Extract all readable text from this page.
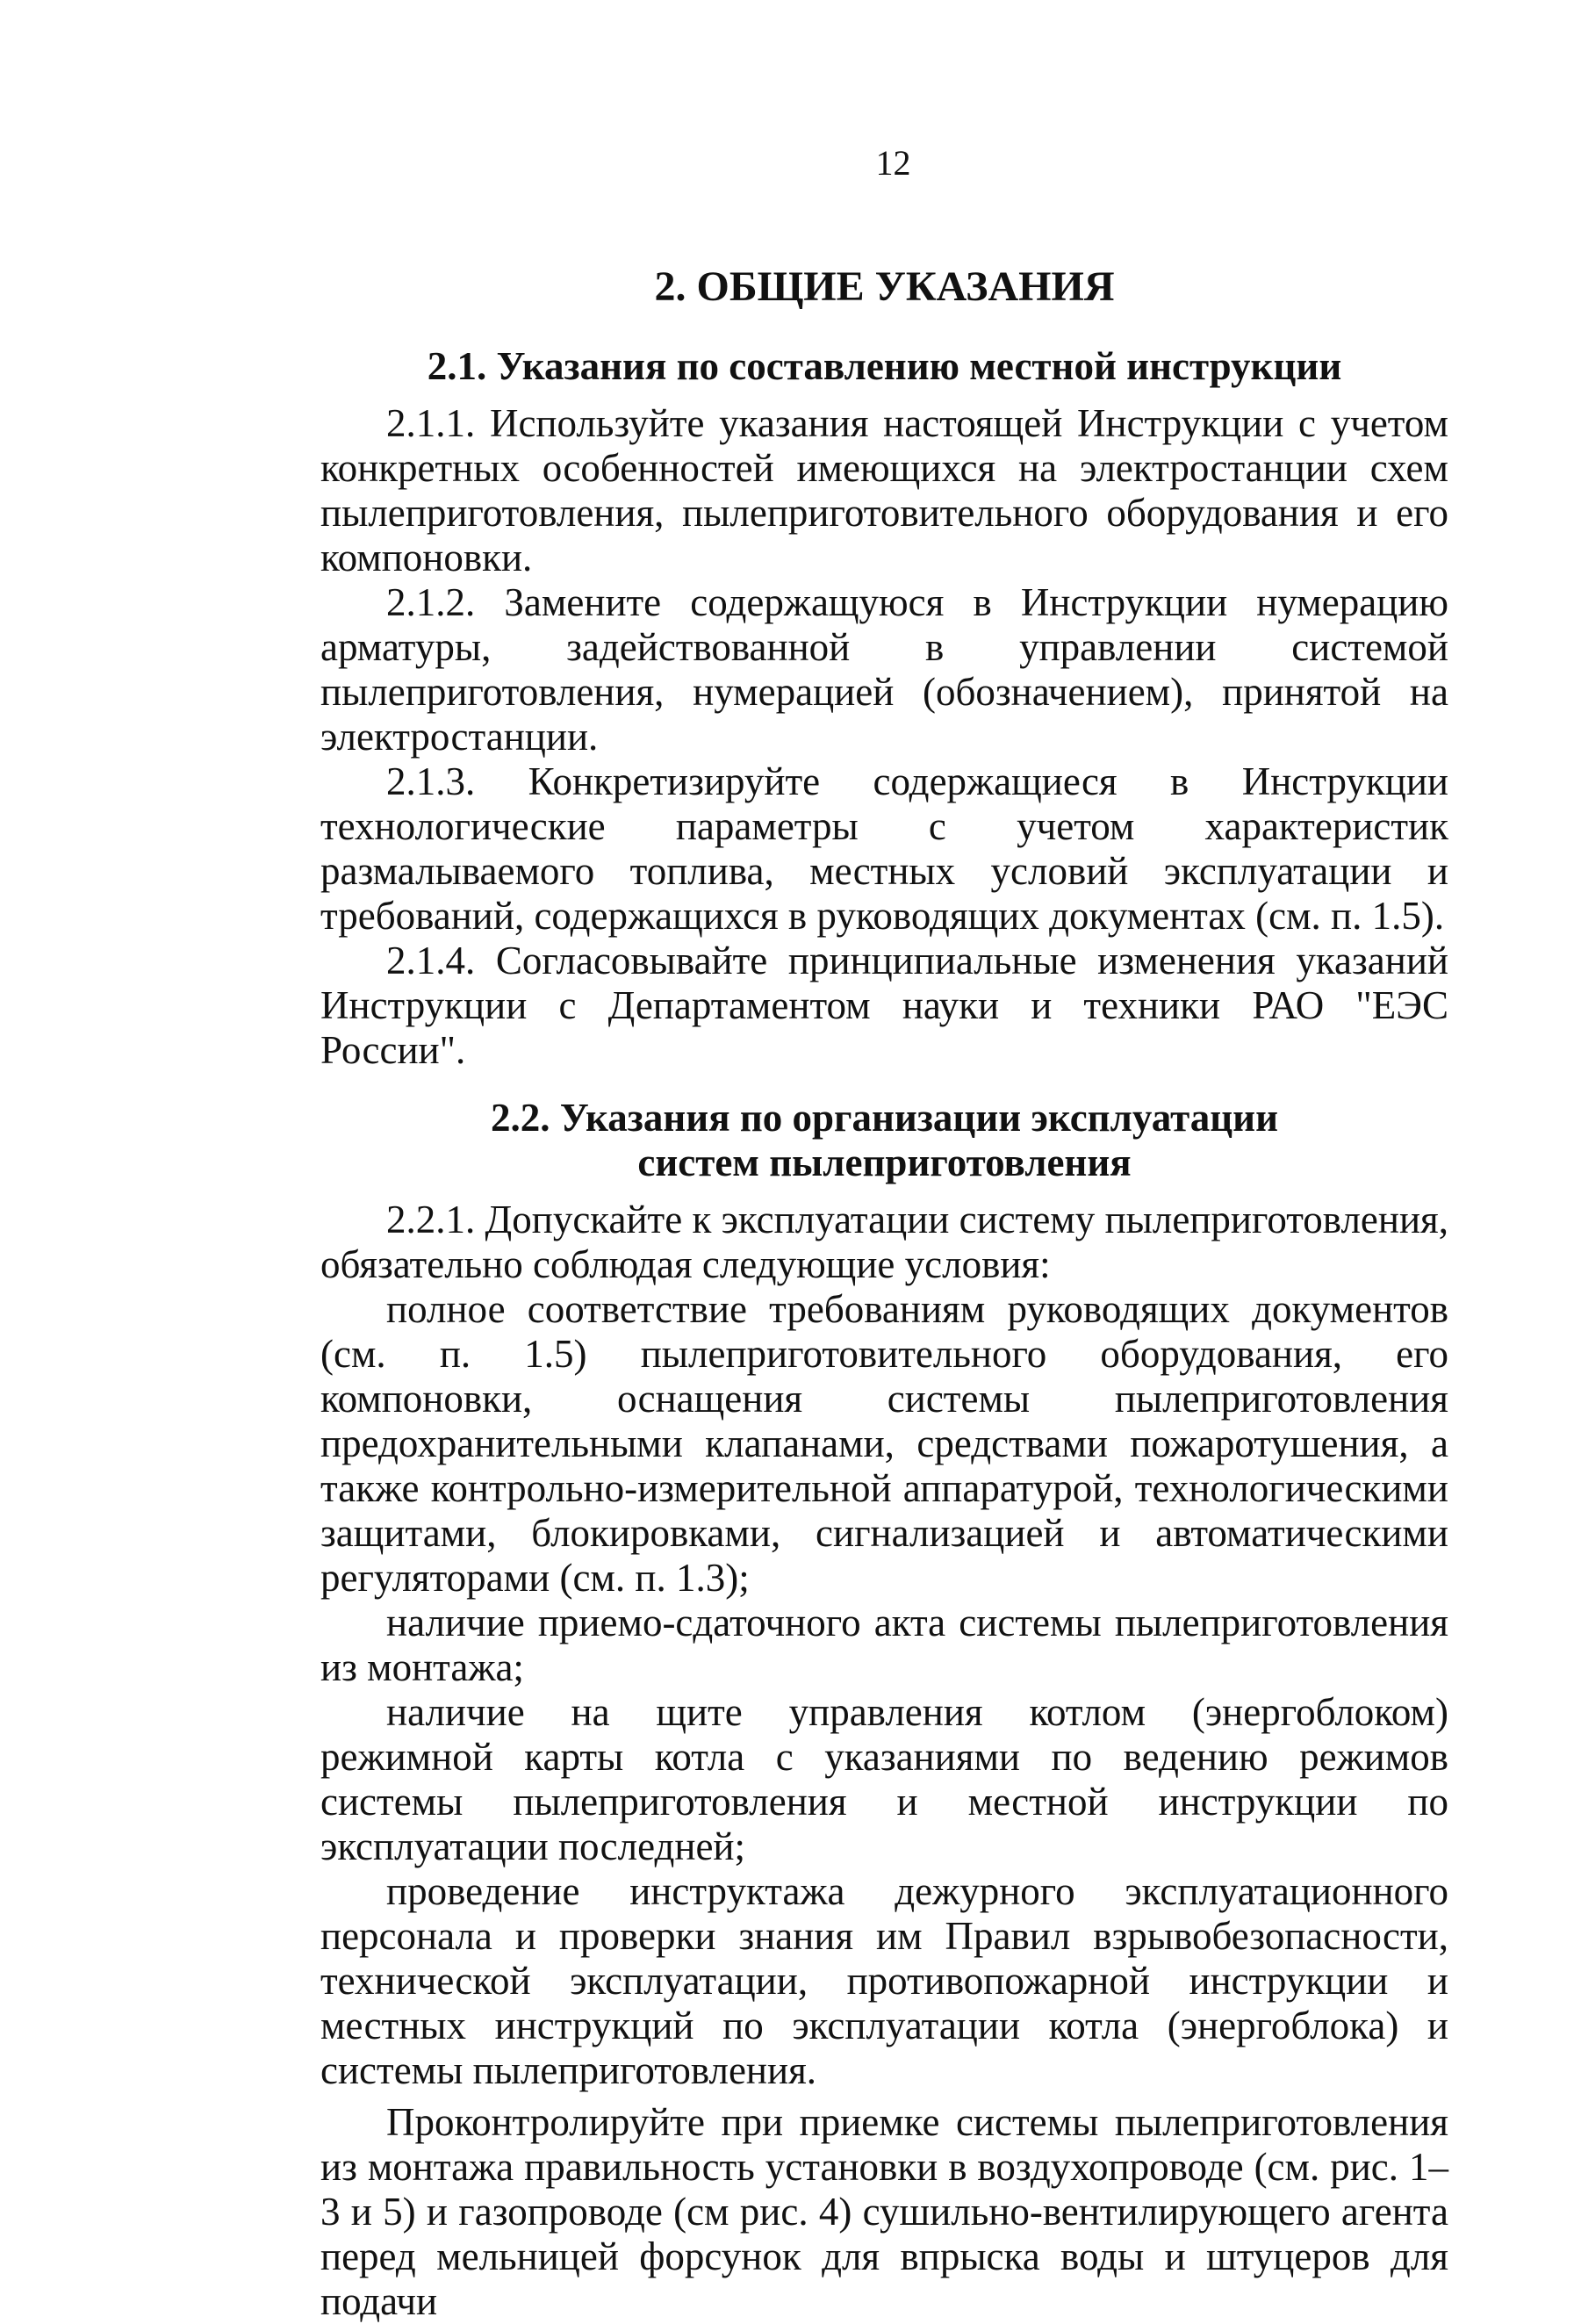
12
2. ОБЩИЕ УКАЗАНИЯ
2.1. Указания по составлению местной инструкции

2.1.1. Используйте указания настоящей Инструкции с учетом конкретных особенностей имеющихся на электростанции схем пылеприготовления, пылеприготовительного оборудования и его компоновки.

2.1.2. Замените содержащуюся в Инструкции нумерацию арматуры, задействованной в управлении системой пылеприготовления, нумерацией (обозначением), принятой на электростанции.

2.1.3. Конкретизируйте содержащиеся в Инструкции технологические параметры с учетом характеристик размалываемого топлива, местных условий эксплуатации и требований, содержащихся в руководящих документах (см. п. 1.5).

2.1.4. Согласовывайте принципиальные изменения указаний Инструкции с Департаментом науки и техники РАО "ЕЭС России".

2.2. Указания по организации эксплуатации
систем пылеприготовления

2.2.1. Допускайте к эксплуатации систему пылеприготовления, обязательно соблюдая следующие условия:

полное соответствие требованиям руководящих документов (см. п. 1.5) пылеприготовительного оборудования, его компоновки, оснащения системы пылеприготовления предохранительными клапанами, средствами пожаротушения, а также контрольно-измерительной аппаратурой, технологическими защитами, блокировками, сигнализацией и автоматическими регуляторами (см. п. 1.3);

наличие приемо-сдаточного акта системы пылеприготовления из монтажа;

наличие на щите управления котлом (энергоблоком) режимной карты котла с указаниями по ведению режимов системы пылеприготовления и местной инструкции по эксплуатации последней;

проведение инструктажа дежурного эксплуатационного персонала и проверки знания им Правил взрывобезопасности, технической эксплуатации, противопожарной инструкции и местных инструкций по эксплуатации котла (энергоблока) и системы пылеприготовления.

Проконтролируйте при приемке системы пылеприготовления из монтажа правильность установки в воздухопроводе (см. рис. 1–3 и 5) и газопроводе (см рис. 4) сушильно-вентилирующего агента перед мельницей форсунок для впрыска воды и штуцеров для подачи
